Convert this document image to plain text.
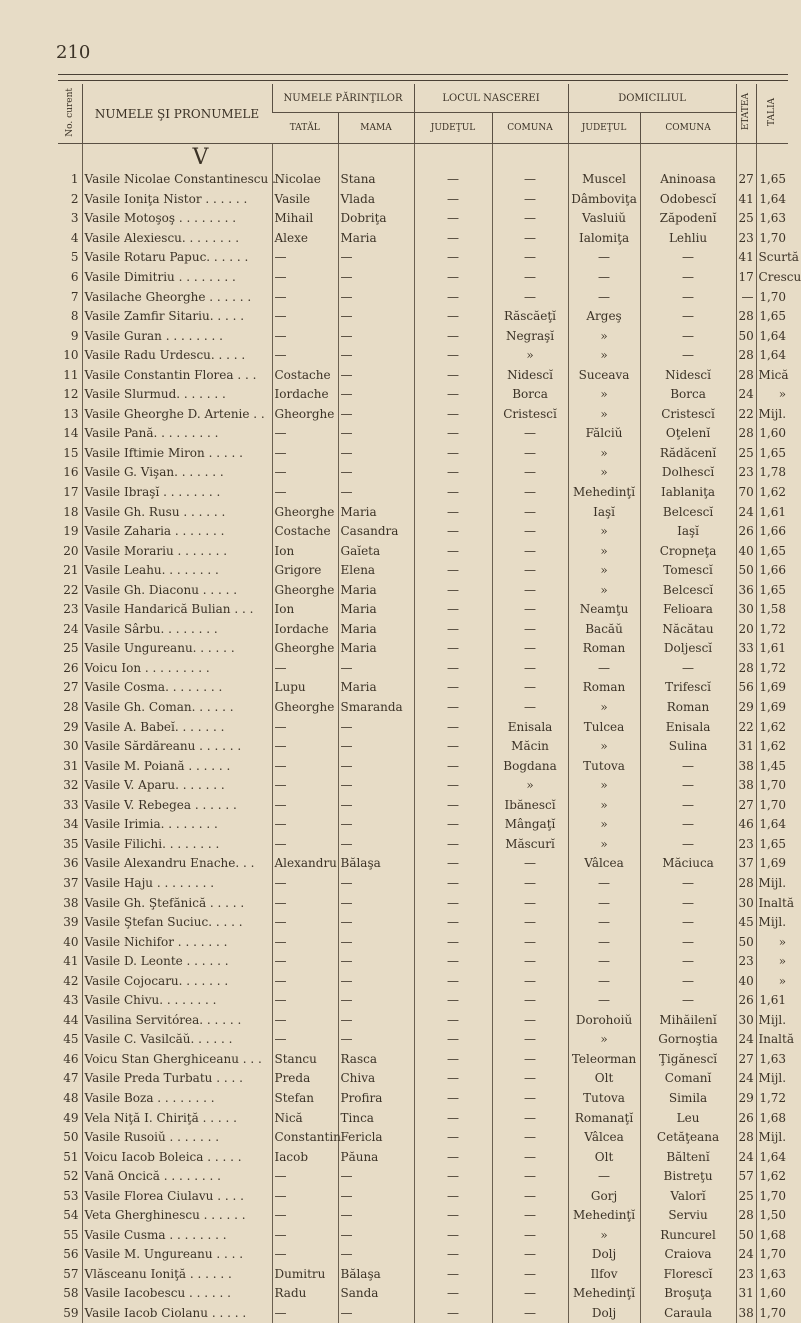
210
No. curent	NUMELE ŞI PRONUMELE	NUMELE PĂRINŢILOR		LOCUL NASCEREI		DOMICILIUL		ETATEA	TALIA
		TATĂL	MAMA	JUDEŢUL	COMUNA	JUDEŢUL	COMUNA		
	V								
1	Vasile Nicolae Constantinescu . .	Nicolae	Stana	—	—	Muscel	Aninoasa	27	1,65
2	Vasile Ioniţa Nistor . . . . . .	Vasile	Vlada	—	—	Dâmboviţa	Odobescĭ	41	1,64
3	Vasile Motoşoş . . . . . . . .	Mihail	Dobriţa	—	—	Vasluiŭ	Zăpodenĭ	25	1,63
4	Vasile Alexiescu. . . . . . . .	Alexe	Maria	—	—	Ialomiţa	Lehliu	23	1,70
5	Vasile Rotaru Papuc. . . . . .	—	—	—	—	—	—	41	Scurtă
6	Vasile Dimitriu . . . . . . . .	—	—	—	—	—	—	17	Crescu
7	Vasilache Gheorghe . . . . . .	—	—	—	—	—	—	—	1,70
8	Vasile Zamfir Sitariu. . . . .	—	—	—	Răscăeţĭ	Argeş	—	28	1,65
9	Vasile Guran . . . . . . . .	—	—	—	Negraşĭ	»	—	50	1,64
10	Vasile Radu Urdescu. . . . .	—	—	—	»	»	—	28	1,64
11	Vasile Constantin Florea . . .	Costache	—	—	Nidescĭ	Suceava	Nidescĭ	28	Mică
12	Vasile Slurmud. . . . . . .	Iordache	—	—	Borca	»	Borca	24	»
13	Vasile Gheorghe D. Artenie . .	Gheorghe	—	—	Cristescĭ	»	Cristescĭ	22	Mijl.
14	Vasile Pană. . . . . . . . .	—	—	—	—	Fălciŭ	Oţelenĭ	28	1,60
15	Vasile Iftimie Miron . . . . .	—	—	—	—	»	Rădăcenĭ	25	1,65
16	Vasile G. Vişan. . . . . . .	—	—	—	—	»	Dolhescĭ	23	1,78
17	Vasile Ibraşĭ . . . . . . . .	—	—	—	—	Mehedinţĭ	Iablaniţa	70	1,62
18	Vasile Gh. Rusu . . . . . .	Gheorghe	Maria	—	—	Iaşĭ	Belcescĭ	24	1,61
19	Vasile Zaharia . . . . . . .	Costache	Casandra	—	—	»	Iaşĭ	26	1,66
20	Vasile Morariu . . . . . . .	Ion	Gaĭeta	—	—	»	Cropneţa	40	1,65
21	Vasile Leahu. . . . . . . .	Grigore	Elena	—	—	»	Tomescĭ	50	1,66
22	Vasile Gh. Diaconu . . . . .	Gheorghe	Maria	—	—	»	Belcescĭ	36	1,65
23	Vasile Handarică Bulian . . .	Ion	Maria	—	—	Neamţu	Felioara	30	1,58
24	Vasile Sârbu. . . . . . . .	Iordache	Maria	—	—	Bacăŭ	Năcătau	20	1,72
25	Vasile Ungureanu. . . . . .	Gheorghe	Maria	—	—	Roman	Doljescĭ	33	1,61
26	Voicu Ion . . . . . . . . .	—	—	—	—	—	—	28	1,72
27	Vasile Cosma. . . . . . . .	Lupu	Maria	—	—	Roman	Trifescĭ	56	1,69
28	Vasile Gh. Coman. . . . . .	Gheorghe	Smaranda	—	—	»	Roman	29	1,69
29	Vasile A. Babeĭ. . . . . . .	—	—	—	Enisala	Tulcea	Enisala	22	1,62
30	Vasile Sărdăreanu . . . . . .	—	—	—	Măcin	»	Sulina	31	1,62
31	Vasile M. Poiană . . . . . .	—	—	—	Bogdana	Tutova	—	38	1,45
32	Vasile V. Aparu. . . . . . .	—	—	—	»	»	—	38	1,70
33	Vasile V. Rebegea . . . . . .	—	—	—	Ibănescĭ	»	—	27	1,70
34	Vasile Irimia. . . . . . . .	—	—	—	Mângaţĭ	»	—	46	1,64
35	Vasile Filichi. . . . . . . .	—	—	—	Măscurĭ	»	—	23	1,65
36	Vasile Alexandru Enache. . .	Alexandru	Bălaşa	—	—	Vâlcea	Măciuca	37	1,69
37	Vasile Haju . . . . . . . .	—	—	—	—	—	—	28	Mijl.
38	Vasile Gh. Ştefănică . . . . .	—	—	—	—	—	—	30	Inaltă
39	Vasile Ştefan Suciuc. . . . .	—	—	—	—	—	—	45	Mijl.
40	Vasile Nichifor . . . . . . .	—	—	—	—	—	—	50	»
41	Vasile D. Leonte . . . . . .	—	—	—	—	—	—	23	»
42	Vasile Cojocaru. . . . . . .	—	—	—	—	—	—	40	»
43	Vasile Chivu. . . . . . . .	—	—	—	—	—	—	26	1,61
44	Vasilina Servitórea. . . . . .	—	—	—	—	Dorohoiŭ	Mihăilenĭ	30	Mijl.
45	Vasile C. Vasilcăŭ. . . . . .	—	—	—	—	»	Gornoştia	24	Inaltă
46	Voicu Stan Gherghiceanu . . .	Stancu	Rasca	—	—	Teleorman	Ţigănescĭ	27	1,63
47	Vasile Preda Turbatu . . . .	Preda	Chiva	—	—	Olt	Comanĭ	24	Mijl.
48	Vasile Boza . . . . . . . .	Stefan	Profira	—	—	Tutova	Simila	29	1,72
49	Vela Niţă I. Chiriţă . . . . .	Nică	Tinca	—	—	Romanaţĭ	Leu	26	1,68
50	Vasile Rusoiŭ . . . . . . .	Constantin	Fericla	—	—	Vâlcea	Cetăţeana	28	Mijl.
51	Voicu Iacob Boleica . . . . .	Iacob	Păuna	—	—	Olt	Băltenĭ	24	1,64
52	Vană Oncică . . . . . . . .	—	—	—	—	—	Bistreţu	57	1,62
53	Vasile Florea Ciulavu . . . .	—	—	—	—	Gorj	Valorĭ	25	1,70
54	Veta Gherghinescu . . . . . .	—	—	—	—	Mehedinţĭ	Serviu	28	1,50
55	Vasile Cusma . . . . . . . .	—	—	—	—	»	Runcurel	50	1,68
56	Vasile M. Ungureanu . . . .	—	—	—	—	Dolj	Craiova	24	1,70
57	Vlăsceanu Ioniţă . . . . . .	Dumitru	Bălaşa	—	—	Ilfov	Florescĭ	23	1,63
58	Vasile Iacobescu . . . . . .	Radu	Sanda	—	—	Mehedinţĭ	Broşuţa	31	1,60
59	Vasile Iacob Ciolanu . . . . .	—	—	—	—	Dolj	Caraula	38	1,70
